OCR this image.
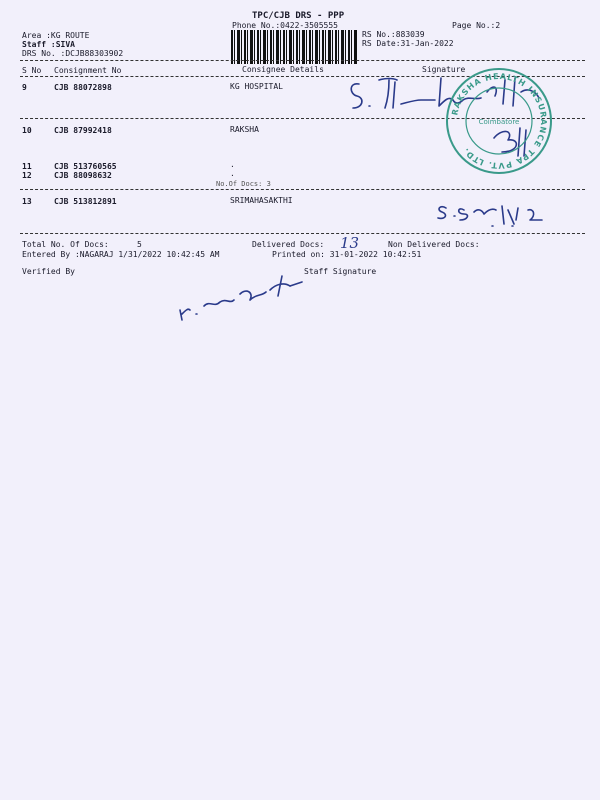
TPC/CJB DRS - PPP
Phone No.:0422-3505555	Page No.:2
Area :KG ROUTE
Staff :SIVA
DRS No. :DCJB88303902
RS No.:883039
RS Date:31-Jan-2022
S No Consignment No	Consignee Details	Signature
9	CJB 88072898	KG HOSPITAL
10	CJB 87992418	RAKSHA
11	CJB 513760565	.
12	CJB 88098632	.
No.Of Docs: 3
13	CJB 513812891	SRIMAHASAKTHI
Total No. Of Docs:	5	Delivered Docs: 13	Non Delivered Docs:
Entered By :NAGARAJ 1/31/2022 10:42:45 AM	Printed on: 31-01-2022 10:42:51
Verified By	Staff Signature
RAKSHA HEALTH INSURANCE TPA PVT. LTD.
Coimbatore
